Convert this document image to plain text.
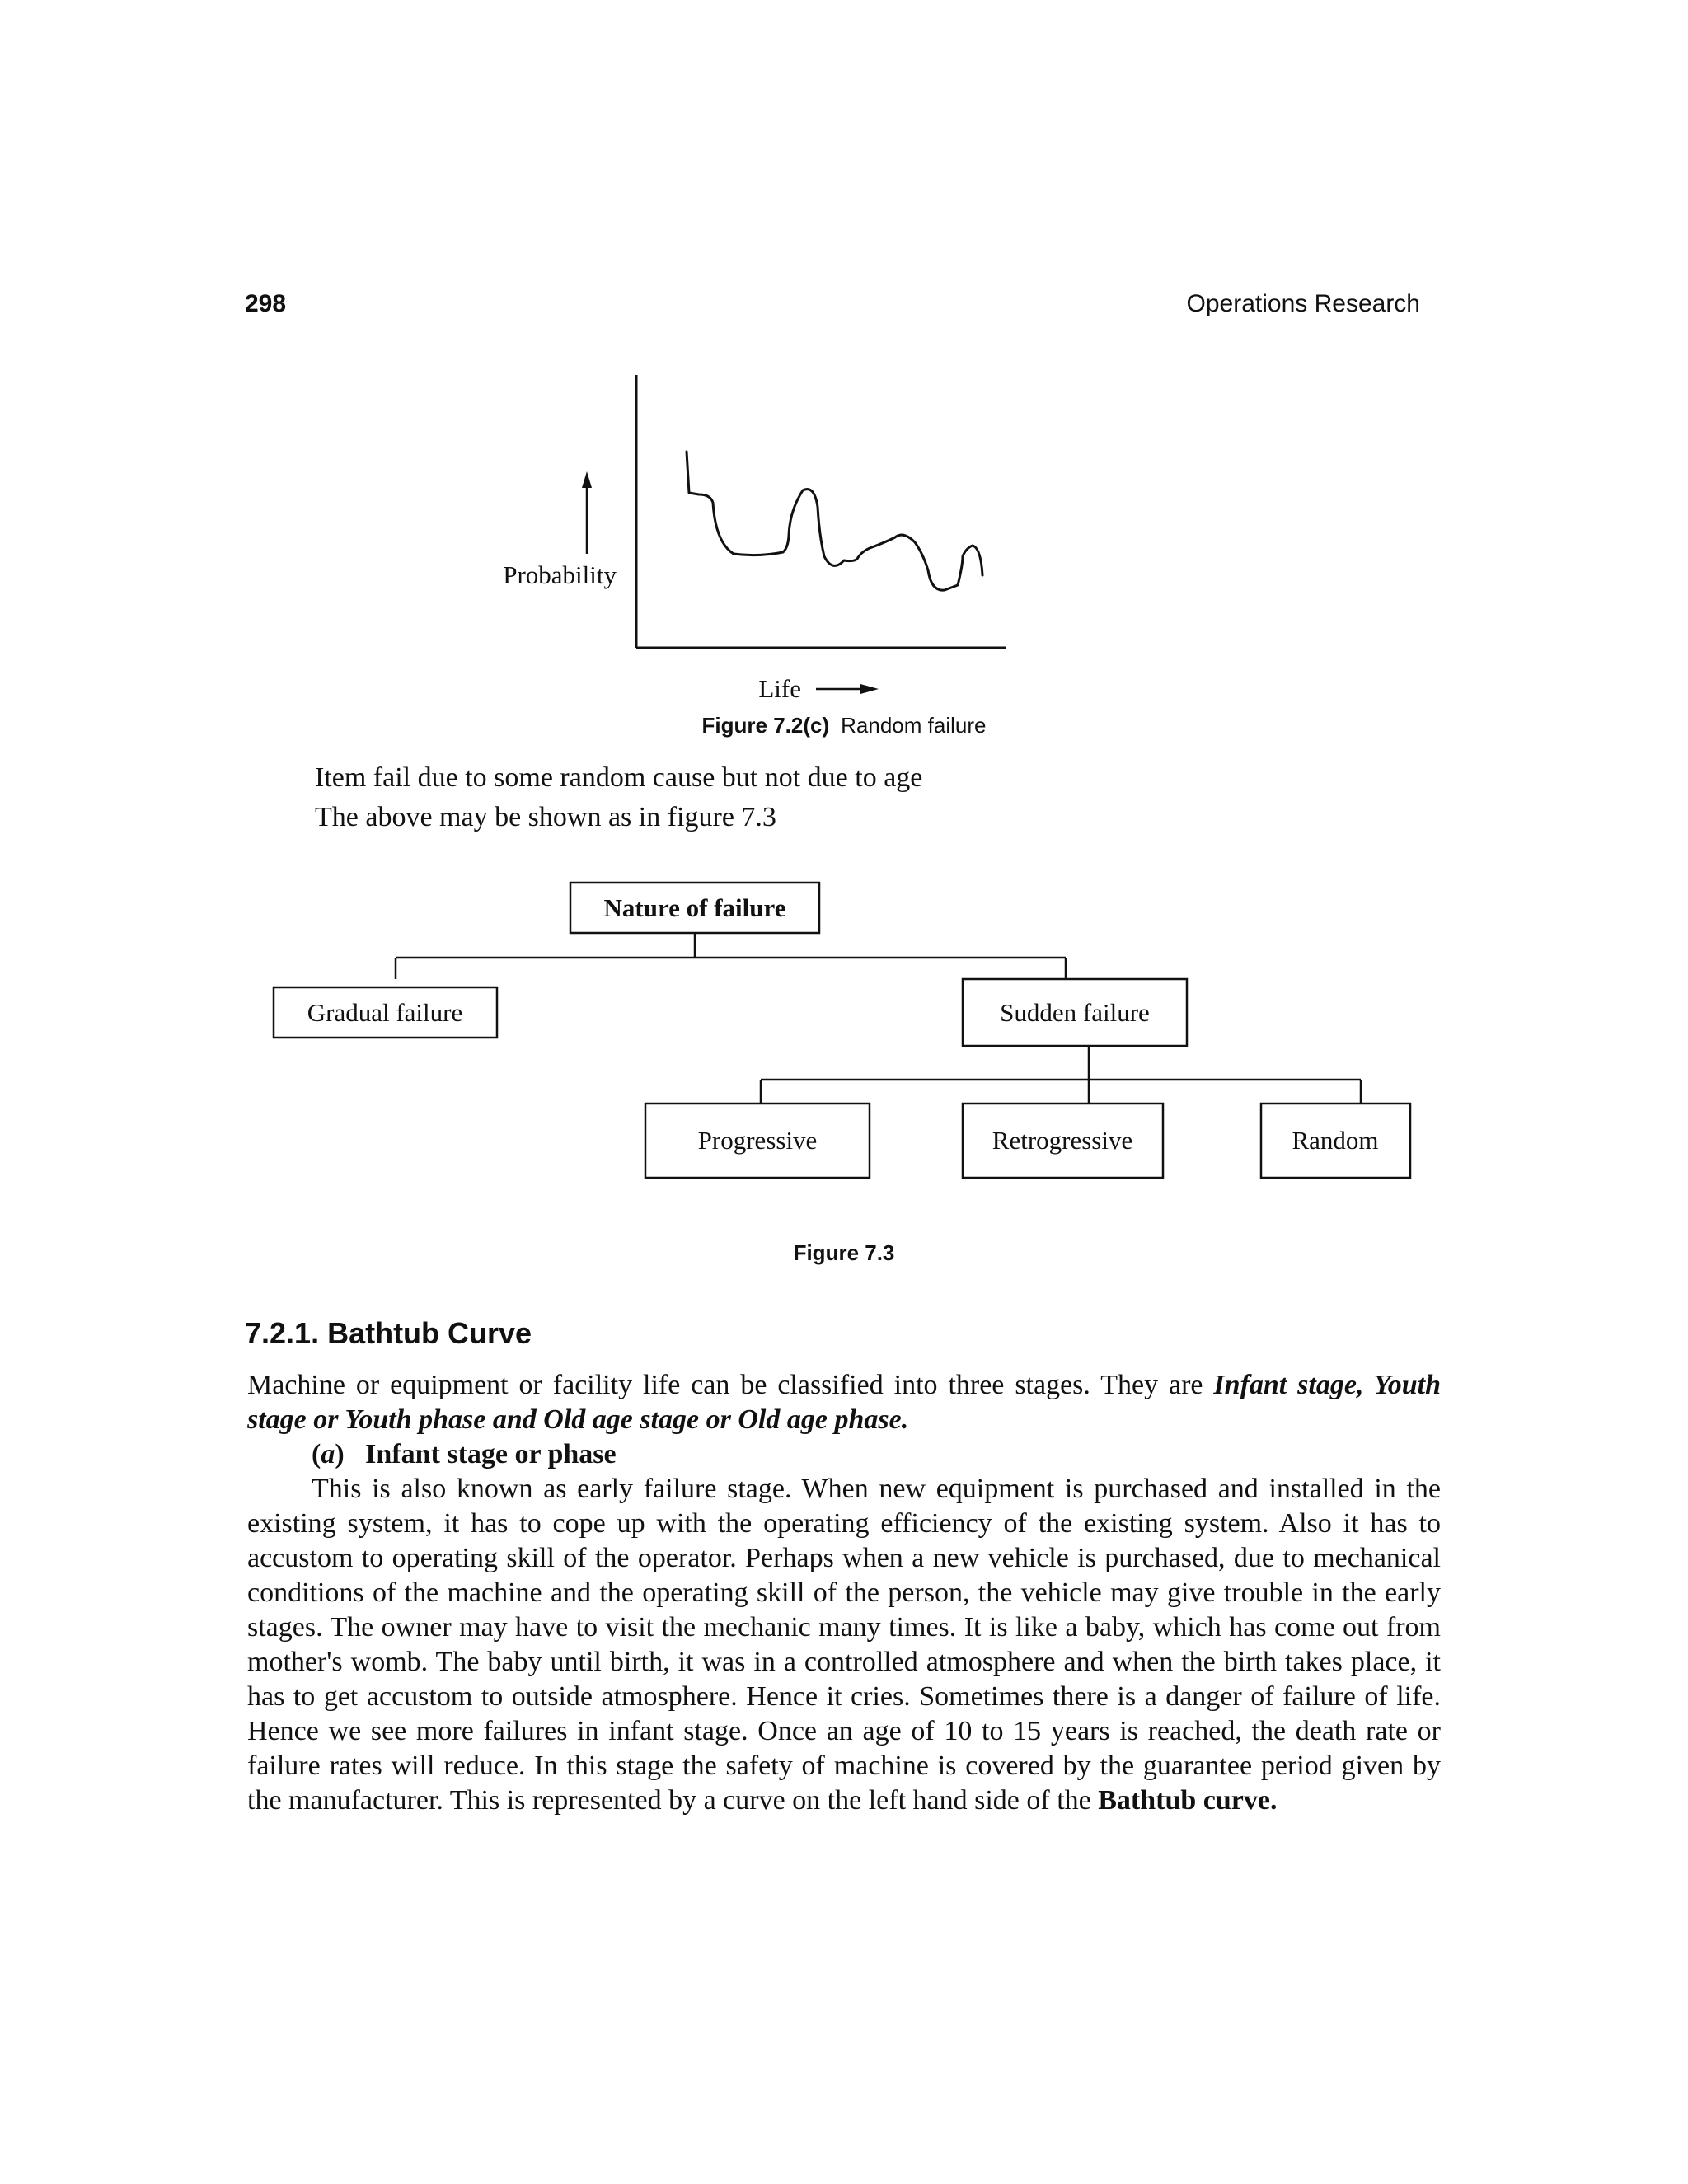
298	Operations Research
Probability
Life
Figure 7.2(c) Random failure
Item fail due to some random cause but not due to age
The above may be shown as in figure 7.3
Nature of failure
Gradual failure	Sudden failure
Progressive	Retrogressive	Random
Figure 7.3
7.2.1. Bathtub Curve

Machine or equipment or facility life can be classified into three stages. They are Infant stage, Youth stage or Youth phase and Old age stage or Old age phase.

(a) Infant stage or phase

This is also known as early failure stage. When new equipment is purchased and installed in the existing system, it has to cope up with the operating efficiency of the existing system. Also it has to accustom to operating skill of the operator. Perhaps when a new vehicle is purchased, due to mechanical conditions of the machine and the operating skill of the person, the vehicle may give trouble in the early stages. The owner may have to visit the mechanic many times. It is like a baby, which has come out from mother's womb. The baby until birth, it was in a controlled atmosphere and when the birth takes place, it has to get accustom to outside atmosphere. Hence it cries. Sometimes there is a danger of failure of life. Hence we see more failures in infant stage. Once an age of 10 to 15 years is reached, the death rate or failure rates will reduce. In this stage the safety of machine is covered by the guarantee period given by the manufacturer. This is represented by a curve on the left hand side of the Bathtub curve.
